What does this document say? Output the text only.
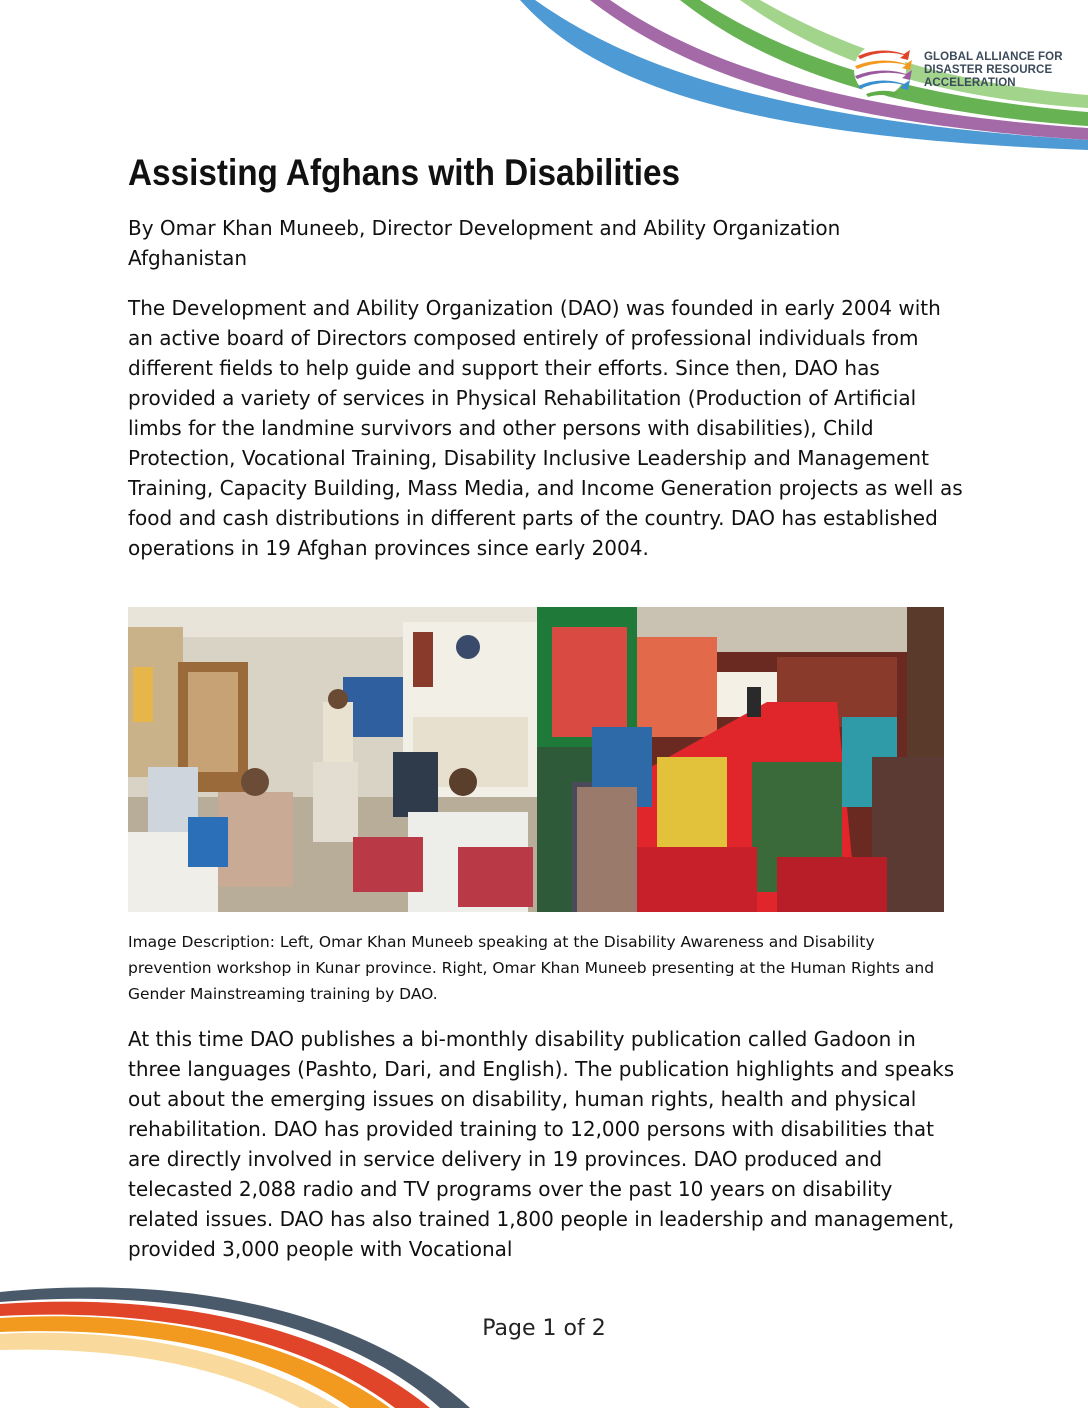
GLOBAL ALLIANCE FOR
DISASTER RESOURCE
ACCELERATION
Assisting Afghans with Disabilities

By Omar Khan Muneeb, Director Development and Ability Organization Afghanistan

The Development and Ability Organization (DAO) was founded in early 2004 with an active board of Directors composed entirely of professional individuals from different fields to help guide and support their efforts. Since then, DAO has provided a variety of services in Physical Rehabilitation (Production of Artificial limbs for the landmine survivors and other persons with disabilities), Child Protection, Vocational Training, Disability Inclusive Leadership and Management Training, Capacity Building, Mass Media, and Income Generation projects as well as food and cash distributions in different parts of the country. DAO has established operations in 19 Afghan provinces since early 2004.

Image Description: Left, Omar Khan Muneeb speaking at the Disability Awareness and Disability prevention workshop in Kunar province. Right, Omar Khan Muneeb presenting at the Human Rights and Gender Mainstreaming training by DAO.

At this time DAO publishes a bi-monthly disability publication called Gadoon in three languages (Pashto, Dari, and English). The publication highlights and speaks out about the emerging issues on disability, human rights, health and physical rehabilitation. DAO has provided training to 12,000 persons with disabilities that are directly involved in service delivery in 19 provinces. DAO produced and telecasted 2,088 radio and TV programs over the past 10 years on disability related issues. DAO has also trained 1,800 people in leadership and management, provided 3,000 people with Vocational

Page 1 of 2
